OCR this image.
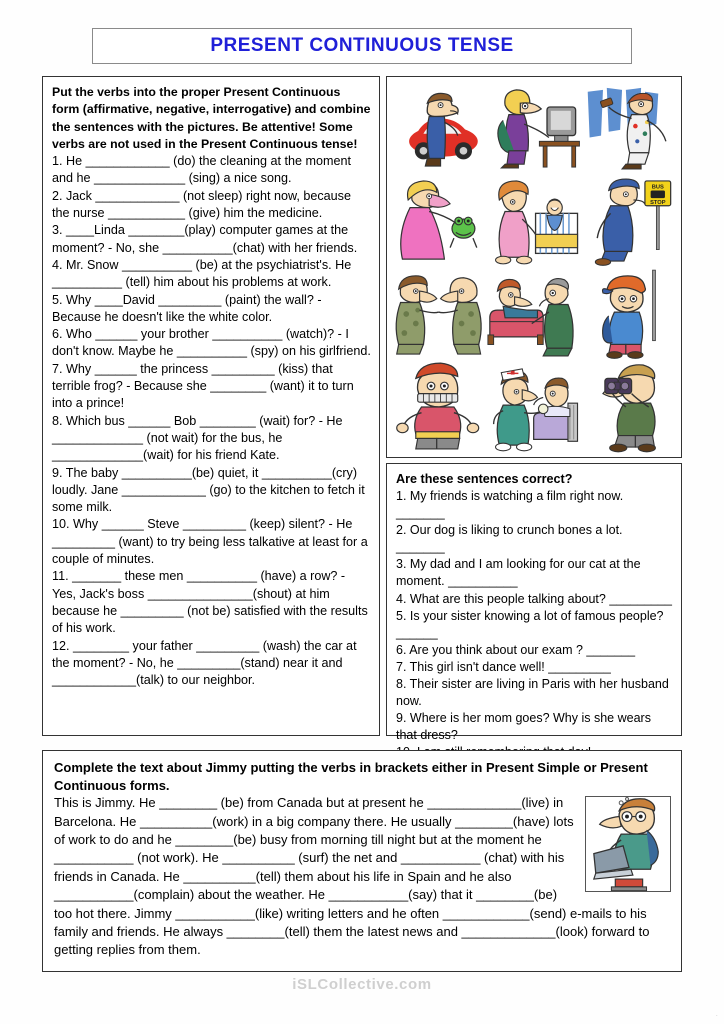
PRESENT CONTINUOUS TENSE

Put the verbs into the proper Present Continuous form (affirmative, negative, interrogative) and combine the sentences with the pictures. Be attentive! Some verbs are not used in the Present Continuous tense!

1. He ____________ (do) the cleaning at the moment and he _____________ (sing) a nice song.

2. Jack ____________ (not sleep) right now, because the nurse ___________ (give) him the medicine.

3. ____Linda ________(play) computer games at the moment? - No, she __________(chat) with her friends.

4. Mr. Snow __________ (be) at the psychiatrist's. He __________ (tell) him about his problems at work.

5. Why ____David _________ (paint) the wall? - Because he doesn't like the white color.

6. Who ______ your brother __________ (watch)? - I don't know. Maybe he __________ (spy) on his girlfriend.

7. Why ______ the princess _________ (kiss) that terrible frog? - Because she ________ (want) it to turn into a prince!

8. Which bus ______ Bob ________ (wait) for? - He _____________ (not wait) for the bus, he _____________(wait) for his friend Kate.

9. The baby __________(be) quiet, it __________(cry) loudly. Jane ____________ (go) to the kitchen to fetch it some milk.

10. Why ______ Steve _________ (keep) silent? - He _________ (want) to try being less talkative at least for a couple of minutes.

11. _______ these men __________ (have) a row? - Yes, Jack's boss _______________(shout) at him because he _________ (not be) satisfied with the results of his work.

12. ________ your father _________ (wash) the car at the moment? - No, he _________(stand) near it and ____________(talk) to our neighbor.

BUS
STOP

Are these sentences correct?

1. My friends is watching a film right now. _______

2. Our dog is liking to crunch bones a lot. _______

3. My dad and I am looking for our cat at the moment. __________

4. What are this people talking about? _________

5. Is your sister knowing a lot of famous people? ______

6. Are you think about our exam ? _______

7. This girl isn't dance well! _________

8. Their sister are living in Paris with her husband now.

9. Where is her mom goes? Why is she wears that dress?

Complete the text about Jimmy putting the verbs in brackets either in Present Simple or Present Continuous forms.

This is Jimmy. He ________ (be) from Canada but at present he _____________(live) in Barcelona. He __________(work) in a big company there. He usually ________(have) lots of work to do and he ________(be) busy from morning till night but at the moment he ___________ (not work). He __________ (surf) the net and ___________ (chat) with his friends in Canada. He __________(tell) them about his life in Spain and he also ___________(complain) about the weather. He ___________(say) that it ________(be) too hot there. Jimmy ___________(like) writing letters and he often ____________(send) e-mails to his family and friends. He always ________(tell) them the latest news and _____________(look) forward to getting replies from them.

iSLCollective.com
.
